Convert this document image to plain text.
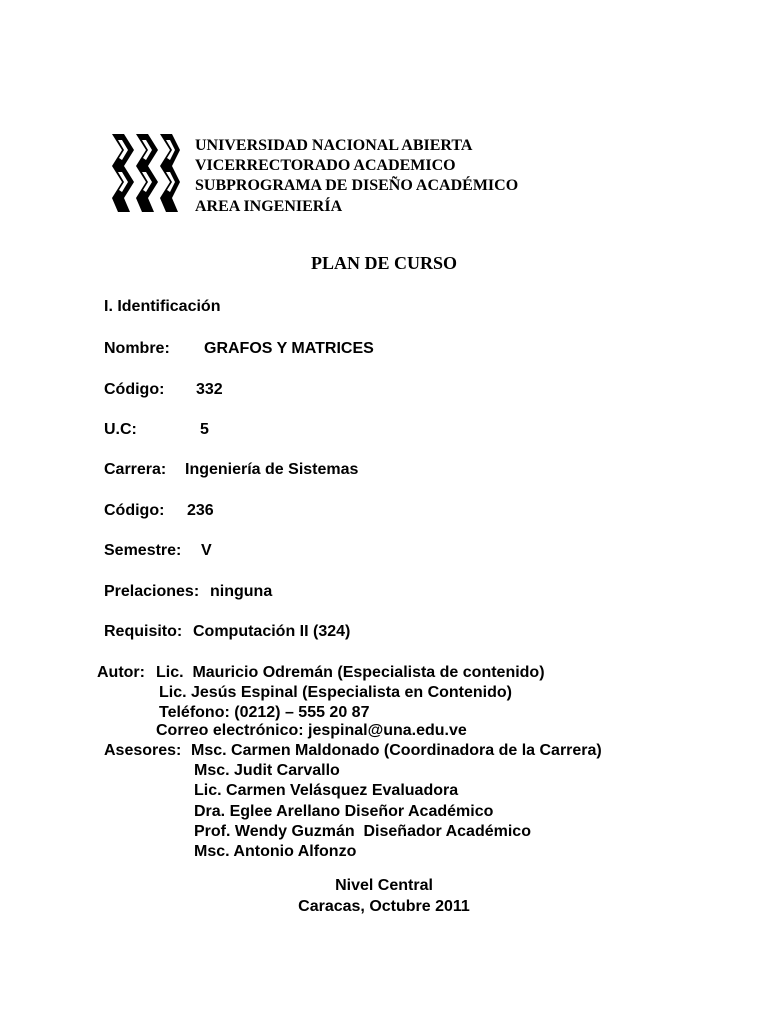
UNIVERSIDAD NACIONAL ABIERTA
VICERRECTORADO ACADEMICO
SUBPROGRAMA DE DISEÑO ACADÉMICO
AREA INGENIERÍA
PLAN DE CURSO
I. Identificación
Nombre: GRAFOS Y MATRICES
Código: 332
U.C:	5
Carrera: Ingeniería de Sistemas
Código: 236
Semestre: V
Prelaciones: ninguna
Requisito: Computación II (324)
Autor: Lic.  Mauricio Odremán (Especialista de contenido)
Lic. Jesús Espinal (Especialista en Contenido)
Teléfono: (0212) – 555 20 87
Correo electrónico: jespinal@una.edu.ve
Asesores: Msc. Carmen Maldonado (Coordinadora de la Carrera)
Msc. Judit Carvallo
Lic. Carmen Velásquez Evaluadora
Dra. Eglee Arellano Diseñor Académico
Prof. Wendy Guzmán  Diseñador Académico
Msc. Antonio Alfonzo
Nivel Central
Caracas, Octubre 2011
